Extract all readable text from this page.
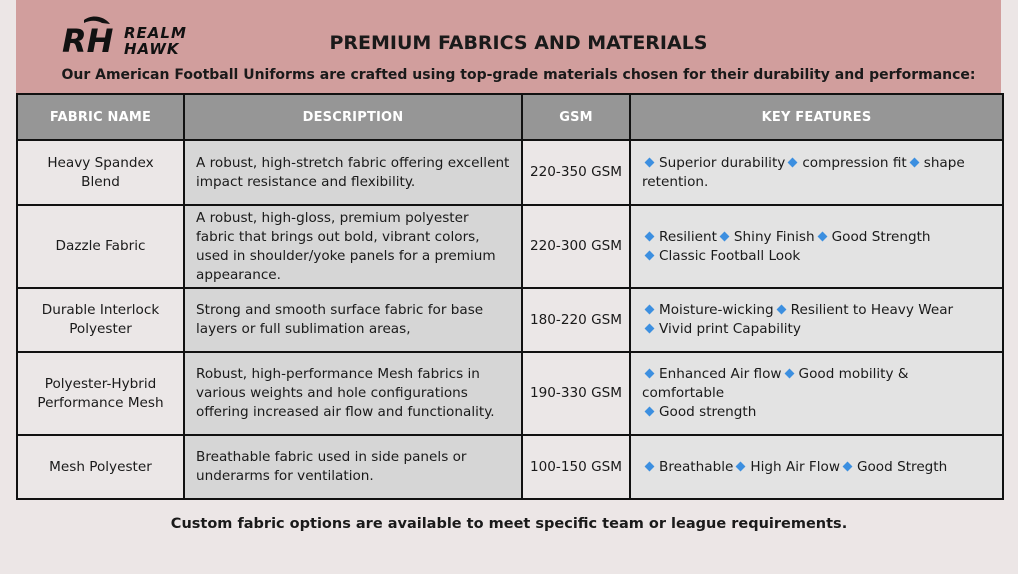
RH REALM
HAWK	PREMIUM FABRICS AND MATERIALS
Our American Football Uniforms are crafted using top-grade materials chosen for their durability and performance:
FABRIC NAME	DESCRIPTION	GSM	KEY FEATURES
Heavy Spandex Blend	A robust, high-stretch fabric offering excellent impact resistance and flexibility.	220-350 GSM	Superior durability compression fit shape retention.

Dazzle Fabric	A robust, high-gloss, premium polyester fabric that brings out bold, vibrant colors, used in shoulder/yoke panels for a premium appearance.	220-300 GSM	Resilient Shiny Finish Good Strength
Classic Football Look

Durable Interlock Polyester	Strong and smooth surface fabric for base layers or full sublimation areas,	180-220 GSM	Moisture-wicking Resilient to Heavy Wear
Vivid print Capability

Polyester-Hybrid Performance Mesh	Robust, high-performance Mesh fabrics in various weights and hole configurations offering increased air flow and functionality.	190-330 GSM	Enhanced Air flow Good mobility & comfortable
Good strength

Mesh Polyester	Breathable fabric used in side panels or underarms for ventilation.	100-150 GSM	Breathable High Air Flow Good Stregth
Custom fabric options are available to meet specific team or league requirements.
